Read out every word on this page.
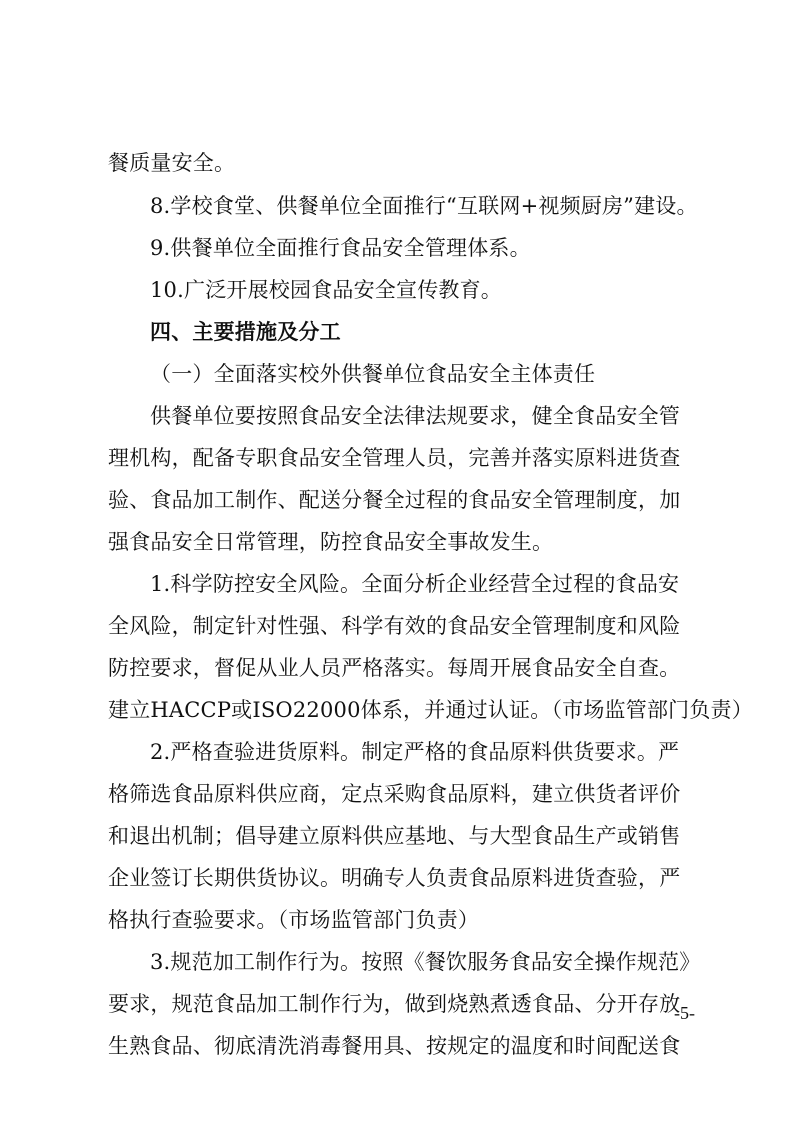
餐质量安全。
8.学校食堂、供餐单位全面推行“互联网+视频厨房”建设。
9.供餐单位全面推行食品安全管理体系。
10.广泛开展校园食品安全宣传教育。
四、主要措施及分工
（一）全面落实校外供餐单位食品安全主体责任
供餐单位要按照食品安全法律法规要求，健全食品安全管
理机构，配备专职食品安全管理人员，完善并落实原料进货查
验、食品加工制作、配送分餐全过程的食品安全管理制度，加
强食品安全日常管理，防控食品安全事故发生。
1.科学防控安全风险。全面分析企业经营全过程的食品安
全风险，制定针对性强、科学有效的食品安全管理制度和风险
防控要求，督促从业人员严格落实。每周开展食品安全自查。
建立HACCP或ISO22000体系，并通过认证。（市场监管部门负责）
2.严格查验进货原料。制定严格的食品原料供货要求。严
格筛选食品原料供应商，定点采购食品原料，建立供货者评价
和退出机制；倡导建立原料供应基地、与大型食品生产或销售
企业签订长期供货协议。明确专人负责食品原料进货查验，严
格执行查验要求。（市场监管部门负责）
3.规范加工制作行为。按照《餐饮服务食品安全操作规范》
要求，规范食品加工制作行为，做到烧熟煮透食品、分开存放
生熟食品、彻底清洗消毒餐用具、按规定的温度和时间配送食
-5-
